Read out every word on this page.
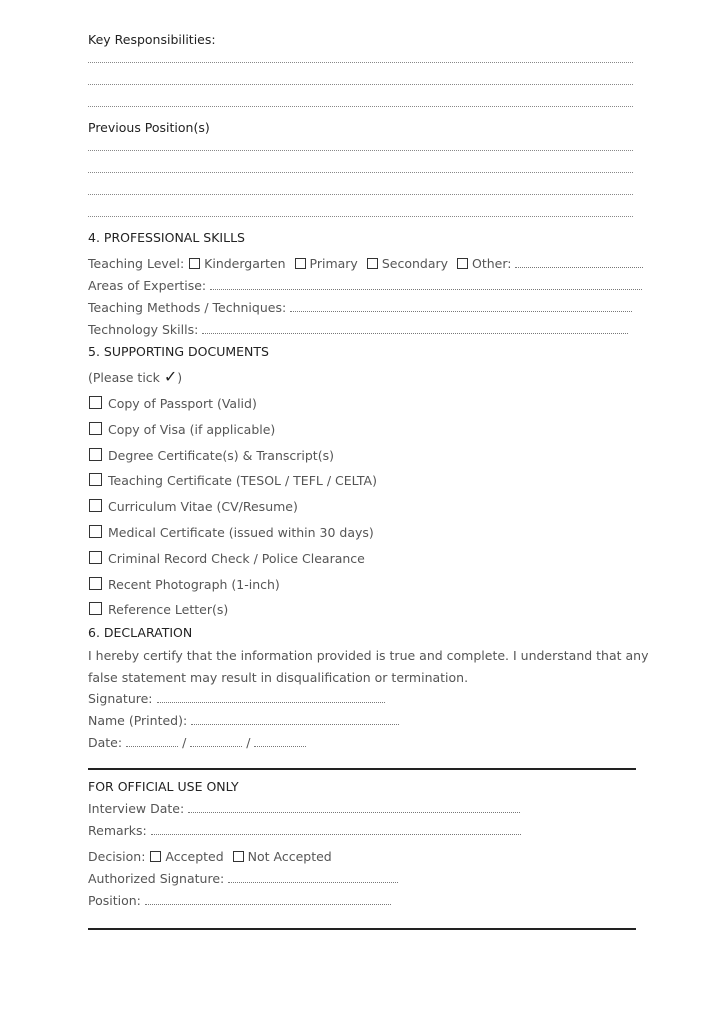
Key Responsibilities:
Previous Position(s)
4. PROFESSIONAL SKILLS
Teaching Level: Kindergarten Primary Secondary Other:
Areas of Expertise:
Teaching Methods / Techniques:
Technology Skills:
5. SUPPORTING DOCUMENTS
(Please tick ✓)
Copy of Passport (Valid)
Copy of Visa (if applicable)
Degree Certificate(s) & Transcript(s)
Teaching Certificate (TESOL / TEFL / CELTA)
Curriculum Vitae (CV/Resume)
Medical Certificate (issued within 30 days)
Criminal Record Check / Police Clearance
Recent Photograph (1-inch)
Reference Letter(s)
6. DECLARATION
I hereby certify that the information provided is true and complete. I understand that any
false statement may result in disqualification or termination.
Signature:
Name (Printed):
Date:	/	/
FOR OFFICIAL USE ONLY
Interview Date:
Remarks:
Decision: Accepted Not Accepted
Authorized Signature:
Position:
